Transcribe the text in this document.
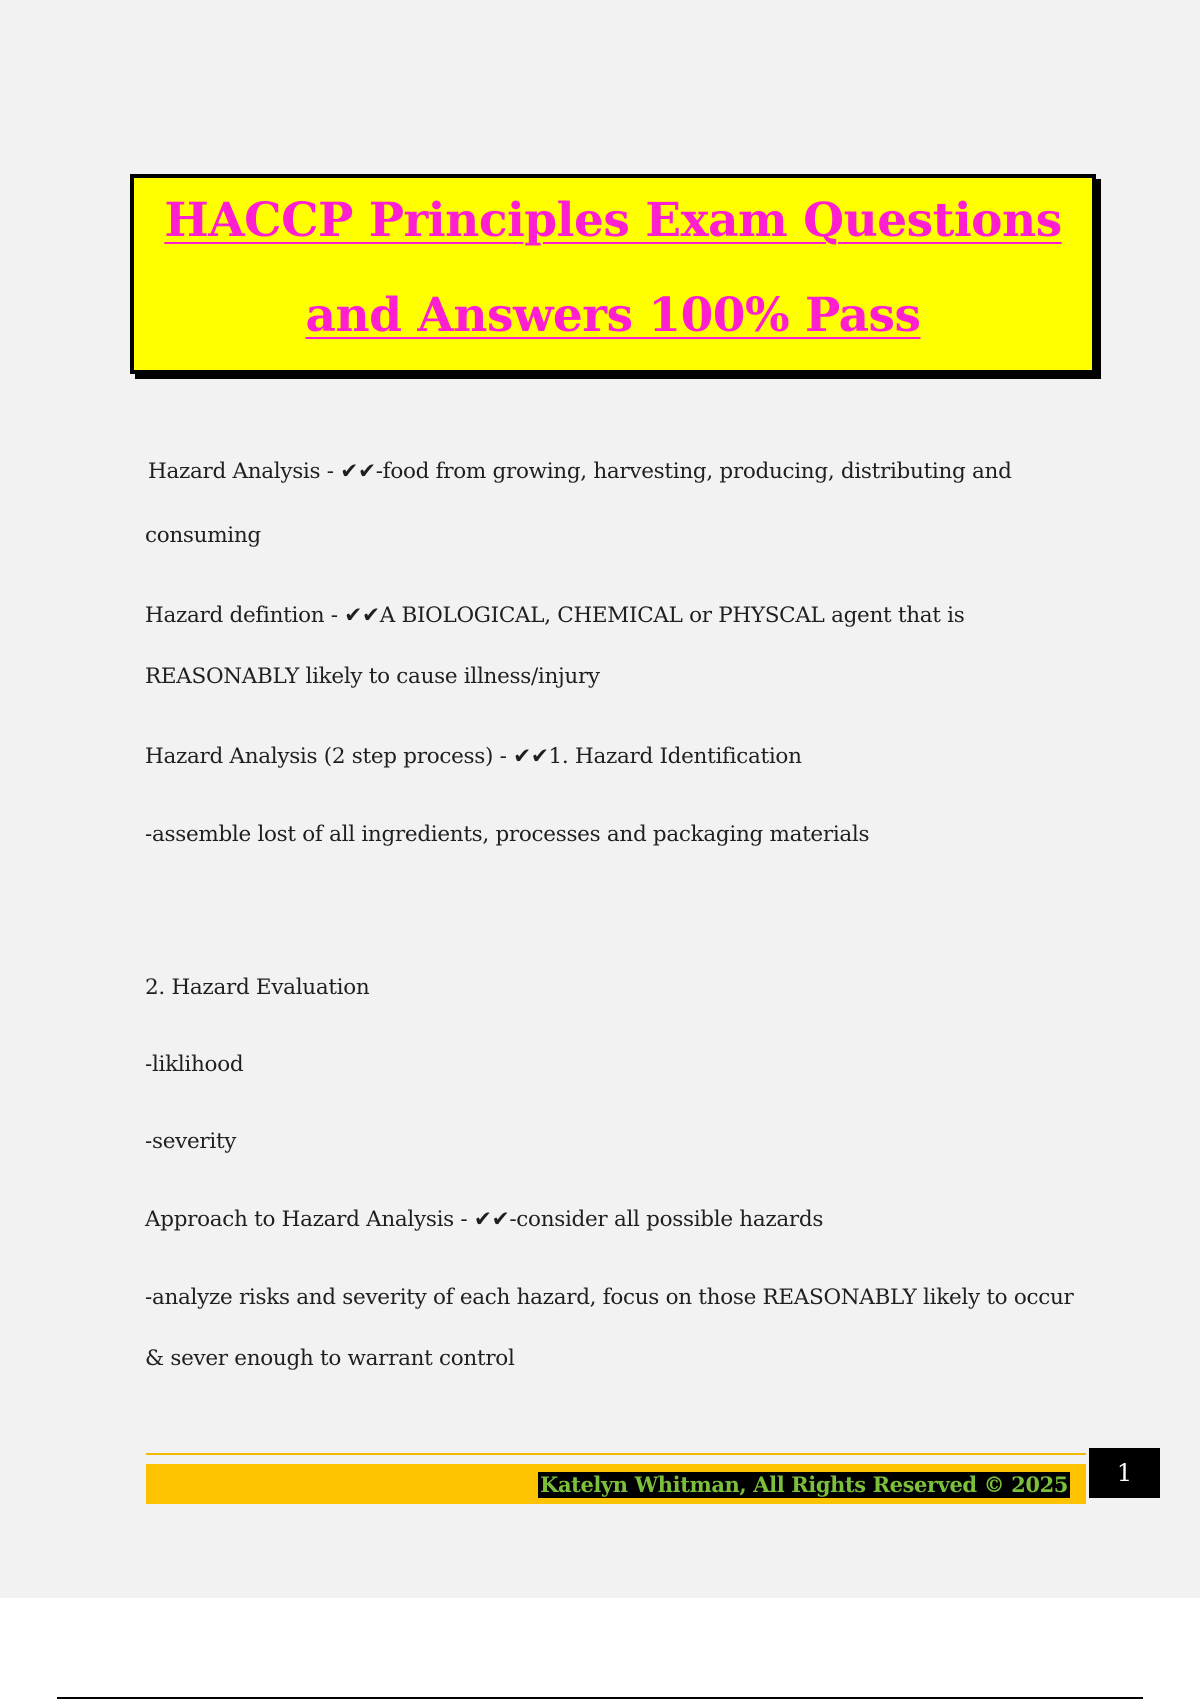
HACCP Principles Exam Questions
and Answers 100% Pass
Hazard Analysis - ✔✔-food from growing, harvesting, producing, distributing and
consuming
Hazard defintion - ✔✔A BIOLOGICAL, CHEMICAL or PHYSCAL agent that is
REASONABLY likely to cause illness/injury
Hazard Analysis (2 step process) - ✔✔1. Hazard Identification
-assemble lost of all ingredients, processes and packaging materials
2. Hazard Evaluation
-liklihood
-severity
Approach to Hazard Analysis - ✔✔-consider all possible hazards
-analyze risks and severity of each hazard, focus on those REASONABLY likely to occur
& sever enough to warrant control
Katelyn Whitman, All Rights Reserved © 2025	1
